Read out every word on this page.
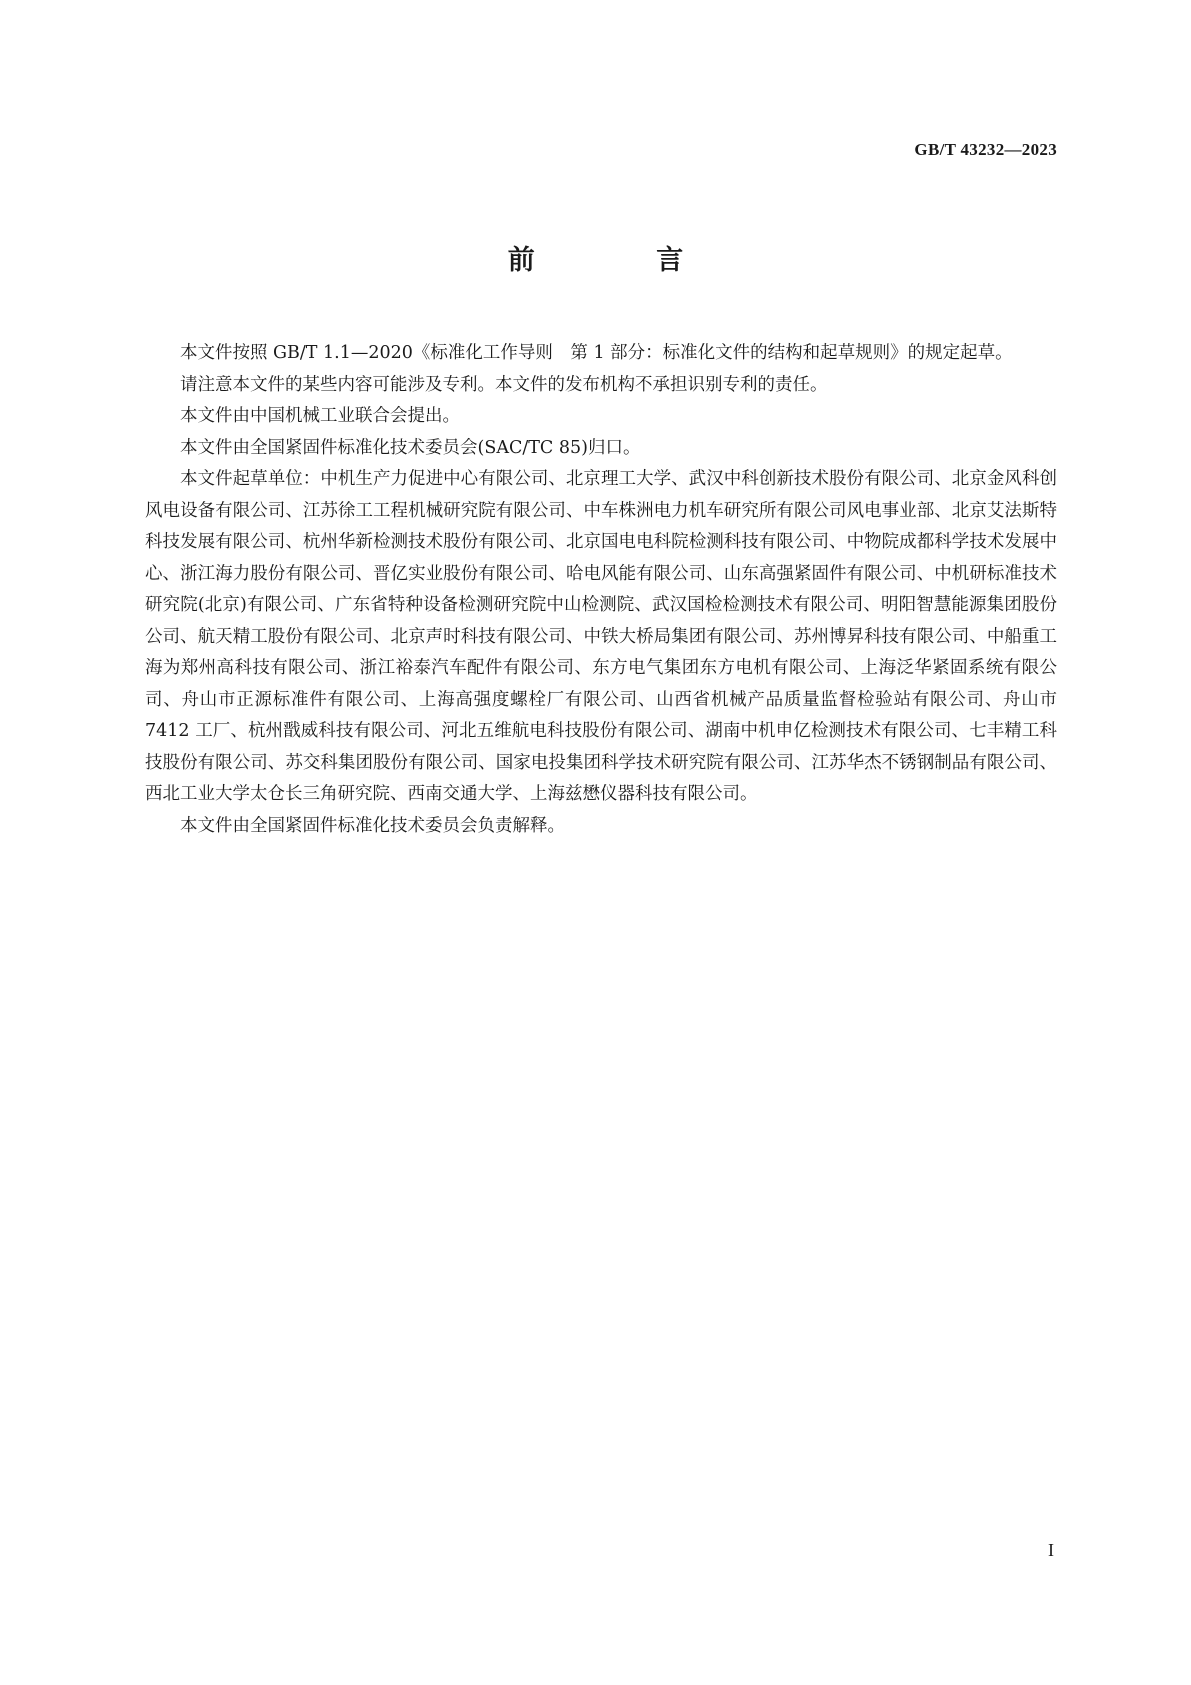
GB/T 43232—2023

前 言

本文件按照 GB/T 1.1—2020《标准化工作导则　第 1 部分：标准化文件的结构和起草规则》的规定起草。

请注意本文件的某些内容可能涉及专利。本文件的发布机构不承担识别专利的责任。

本文件由中国机械工业联合会提出。

本文件由全国紧固件标准化技术委员会(SAC/TC 85)归口。

本文件起草单位：中机生产力促进中心有限公司、北京理工大学、武汉中科创新技术股份有限公司、北京金风科创风电设备有限公司、江苏徐工工程机械研究院有限公司、中车株洲电力机车研究所有限公司风电事业部、北京艾法斯特科技发展有限公司、杭州华新检测技术股份有限公司、北京国电电科院检测科技有限公司、中物院成都科学技术发展中心、浙江海力股份有限公司、晋亿实业股份有限公司、哈电风能有限公司、山东高强紧固件有限公司、中机研标准技术研究院(北京)有限公司、广东省特种设备检测研究院中山检测院、武汉国检检测技术有限公司、明阳智慧能源集团股份公司、航天精工股份有限公司、北京声时科技有限公司、中铁大桥局集团有限公司、苏州博昇科技有限公司、中船重工海为郑州高科技有限公司、浙江裕泰汽车配件有限公司、东方电气集团东方电机有限公司、上海泛华紧固系统有限公司、舟山市正源标准件有限公司、上海高强度螺栓厂有限公司、山西省机械产品质量监督检验站有限公司、舟山市 7412 工厂、杭州戬威科技有限公司、河北五维航电科技股份有限公司、湖南中机申亿检测技术有限公司、七丰精工科技股份有限公司、苏交科集团股份有限公司、国家电投集团科学技术研究院有限公司、江苏华杰不锈钢制品有限公司、西北工业大学太仓长三角研究院、西南交通大学、上海兹懋仪器科技有限公司。

本文件由全国紧固件标准化技术委员会负责解释。

I
